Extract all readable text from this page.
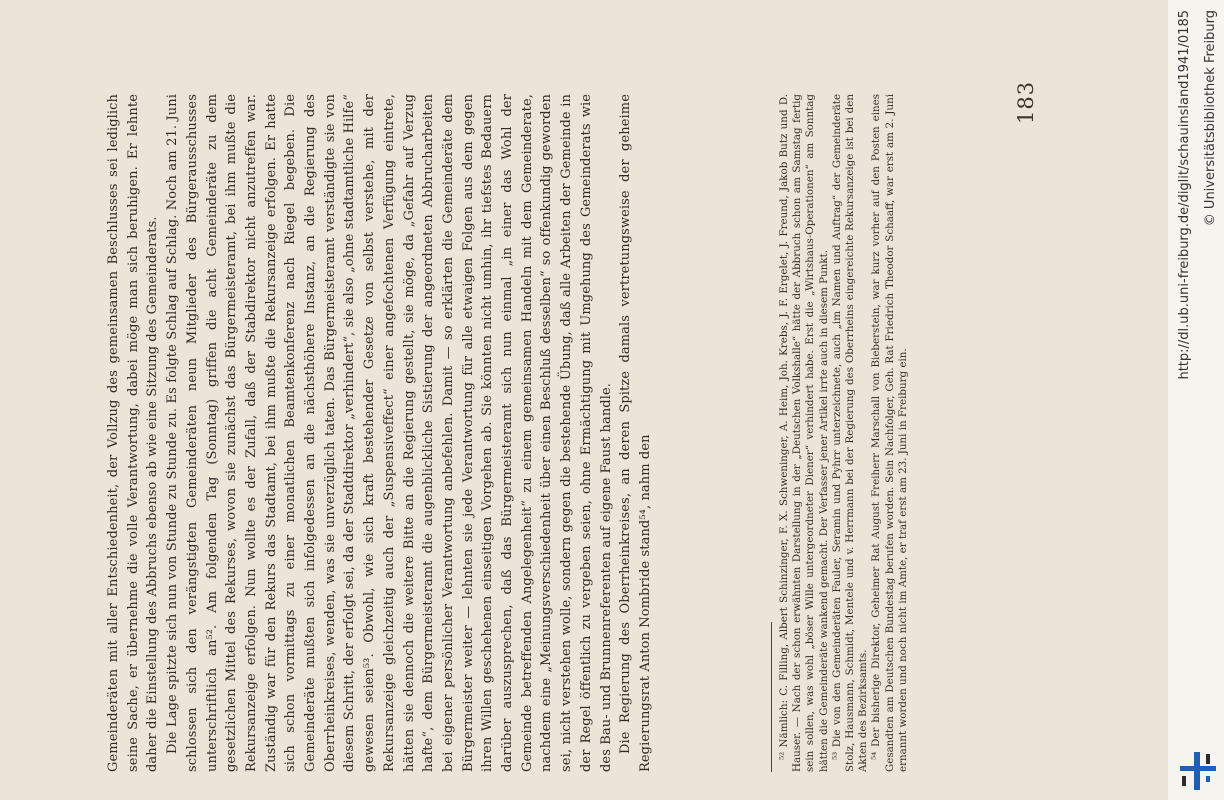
Gemeinderäten mit aller Entschiedenheit, der Vollzug des gemeinsamen Beschlusses sei lediglich seine Sache, er übernehme die volle Verantwortung, dabei möge man sich beruhigen. Er lehnte daher die Einstellung des Abbruchs ebenso ab wie eine Sitzung des Gemeinderats. Die Lage spitzte sich nun von Stunde zu Stunde zu. Es folgte Schlag auf Schlag. Noch am 21. Juni schlossen sich den verängstigten Gemeinderäten neun Mitglieder des Bürgerausschusses unterschriftlich an⁵². Am folgenden Tag (Sonntag) griffen die acht Gemeinderäte zu dem gesetzlichen Mittel des Rekurses, wovon sie zunächst das Bürgermeisteramt, bei ihm mußte die Rekursanzeige erfolgen. Nun wollte es der Zufall, daß der Stabdirektor nicht anzutreffen war. Zuständig war für den Rekurs das Stadtamt, bei ihm mußte die Rekursanzeige erfolgen. Er hatte sich schon vormittags zu einer monatlichen Beamtenkonferenz nach Riegel begeben. Die Gemeinderäte mußten sich infolgedessen an die nächsthöhere Instanz, an die Regierung des Oberrheinkreises, wenden, was sie unverzüglich taten. Das Bürgermeisteramt verständigte sie von diesem Schritt, der erfolgt sei, da der Stadtdirektor „verhindert“, sie also „ohne stadtamtliche Hilfe“ gewesen seien⁵³. Obwohl, wie sich kraft bestehender Gesetze von selbst verstehe, mit der Rekursanzeige gleichzeitig auch der „Suspensiveffect“ einer angefochtenen Verfügung eintrete, hätten sie dennoch die weitere Bitte an die Regierung gestellt, sie möge, da „Gefahr auf Verzug hafte“, dem Bürgermeisteramt die augenblickliche Sistierung der angeordneten Abbrucharbeiten bei eigener persönlicher Verantwortung anbefehlen. Damit — so erklärten die Gemeinderäte dem Bürgermeister weiter — lehnten sie jede Verantwortung für alle etwaigen Folgen aus dem gegen ihren Willen geschehenen einseitigen Vorgehen ab. Sie könnten nicht umhin, ihr tiefstes Bedauern darüber auszusprechen, daß das Bürgermeisteramt sich nun einmal „in einer das Wohl der Gemeinde betreffenden Angelegenheit“ zu einem gemeinsamen Handeln mit dem Gemeinderate, nachdem eine „Meinungsverschiedenheit über einen Beschluß desselben“ so offenkundig geworden sei, nicht verstehen wolle, sondern gegen die bestehende Übung, daß alle Arbeiten der Gemeinde in der Regel öffentlich zu vergeben seien, ohne Ermächtigung mit Umgehung des Gemeinderats wie des Bau- und Brunnenreferenten auf eigene Faust handle. Die Regierung des Oberrheinkreises, an deren Spitze damals vertretungsweise der geheime Regierungsrat Anton Nombride stand⁵⁴, nahm den	⁵² Nämlich: C. Filling, Albert Schinzinger, F. X. Schweninger, A. Heim, Joh. Krebs, J. F. Ergelet, J. Freund, Jakob Butz und D. Hauser. — Nach der schon erwähnten Darstellung in der „Deutschen Volkshalle“ hätte der Abbruch schon am Samstag fertig sein sollen, was wohl „böser Wille untergeordneter Diener“ verhindert habe. Erst die „Wirtshaus-Operationen“ am Sonntag hätten die Gemeinderäte wankend gemacht. Der Verfasser jener Artikel irrte auch in diesem Punkt. ⁵³ Die von den Gemeinderäten Fauler, Seramin und Pyhrr unterzeichnete, auch „im Namen und Auftrag“ der Gemeinderäte Stolz, Hausmann, Schmidt, Mentele und v. Herrmann bei der Regierung des Oberrheins eingereichte Rekursanzeige ist bei den Akten des Bezirksamts. ⁵⁴ Der bisherige Direktor, Geheimer Rat August Freiherr Marschall von Bieberstein, war kurz vorher auf den Posten eines Gesandten am Deutschen Bundestag berufen worden. Sein Nachfolger, Geh. Rat Friedrich Theodor Schaaff, war erst am 2. Juni ernannt worden und noch nicht im Amte, er traf erst am 23. Juni in Freiburg ein.

183	http://dl.ub.uni-freiburg.de/diglit/schauinsland1941/0185 © Universitätsbibliothek Freiburg
